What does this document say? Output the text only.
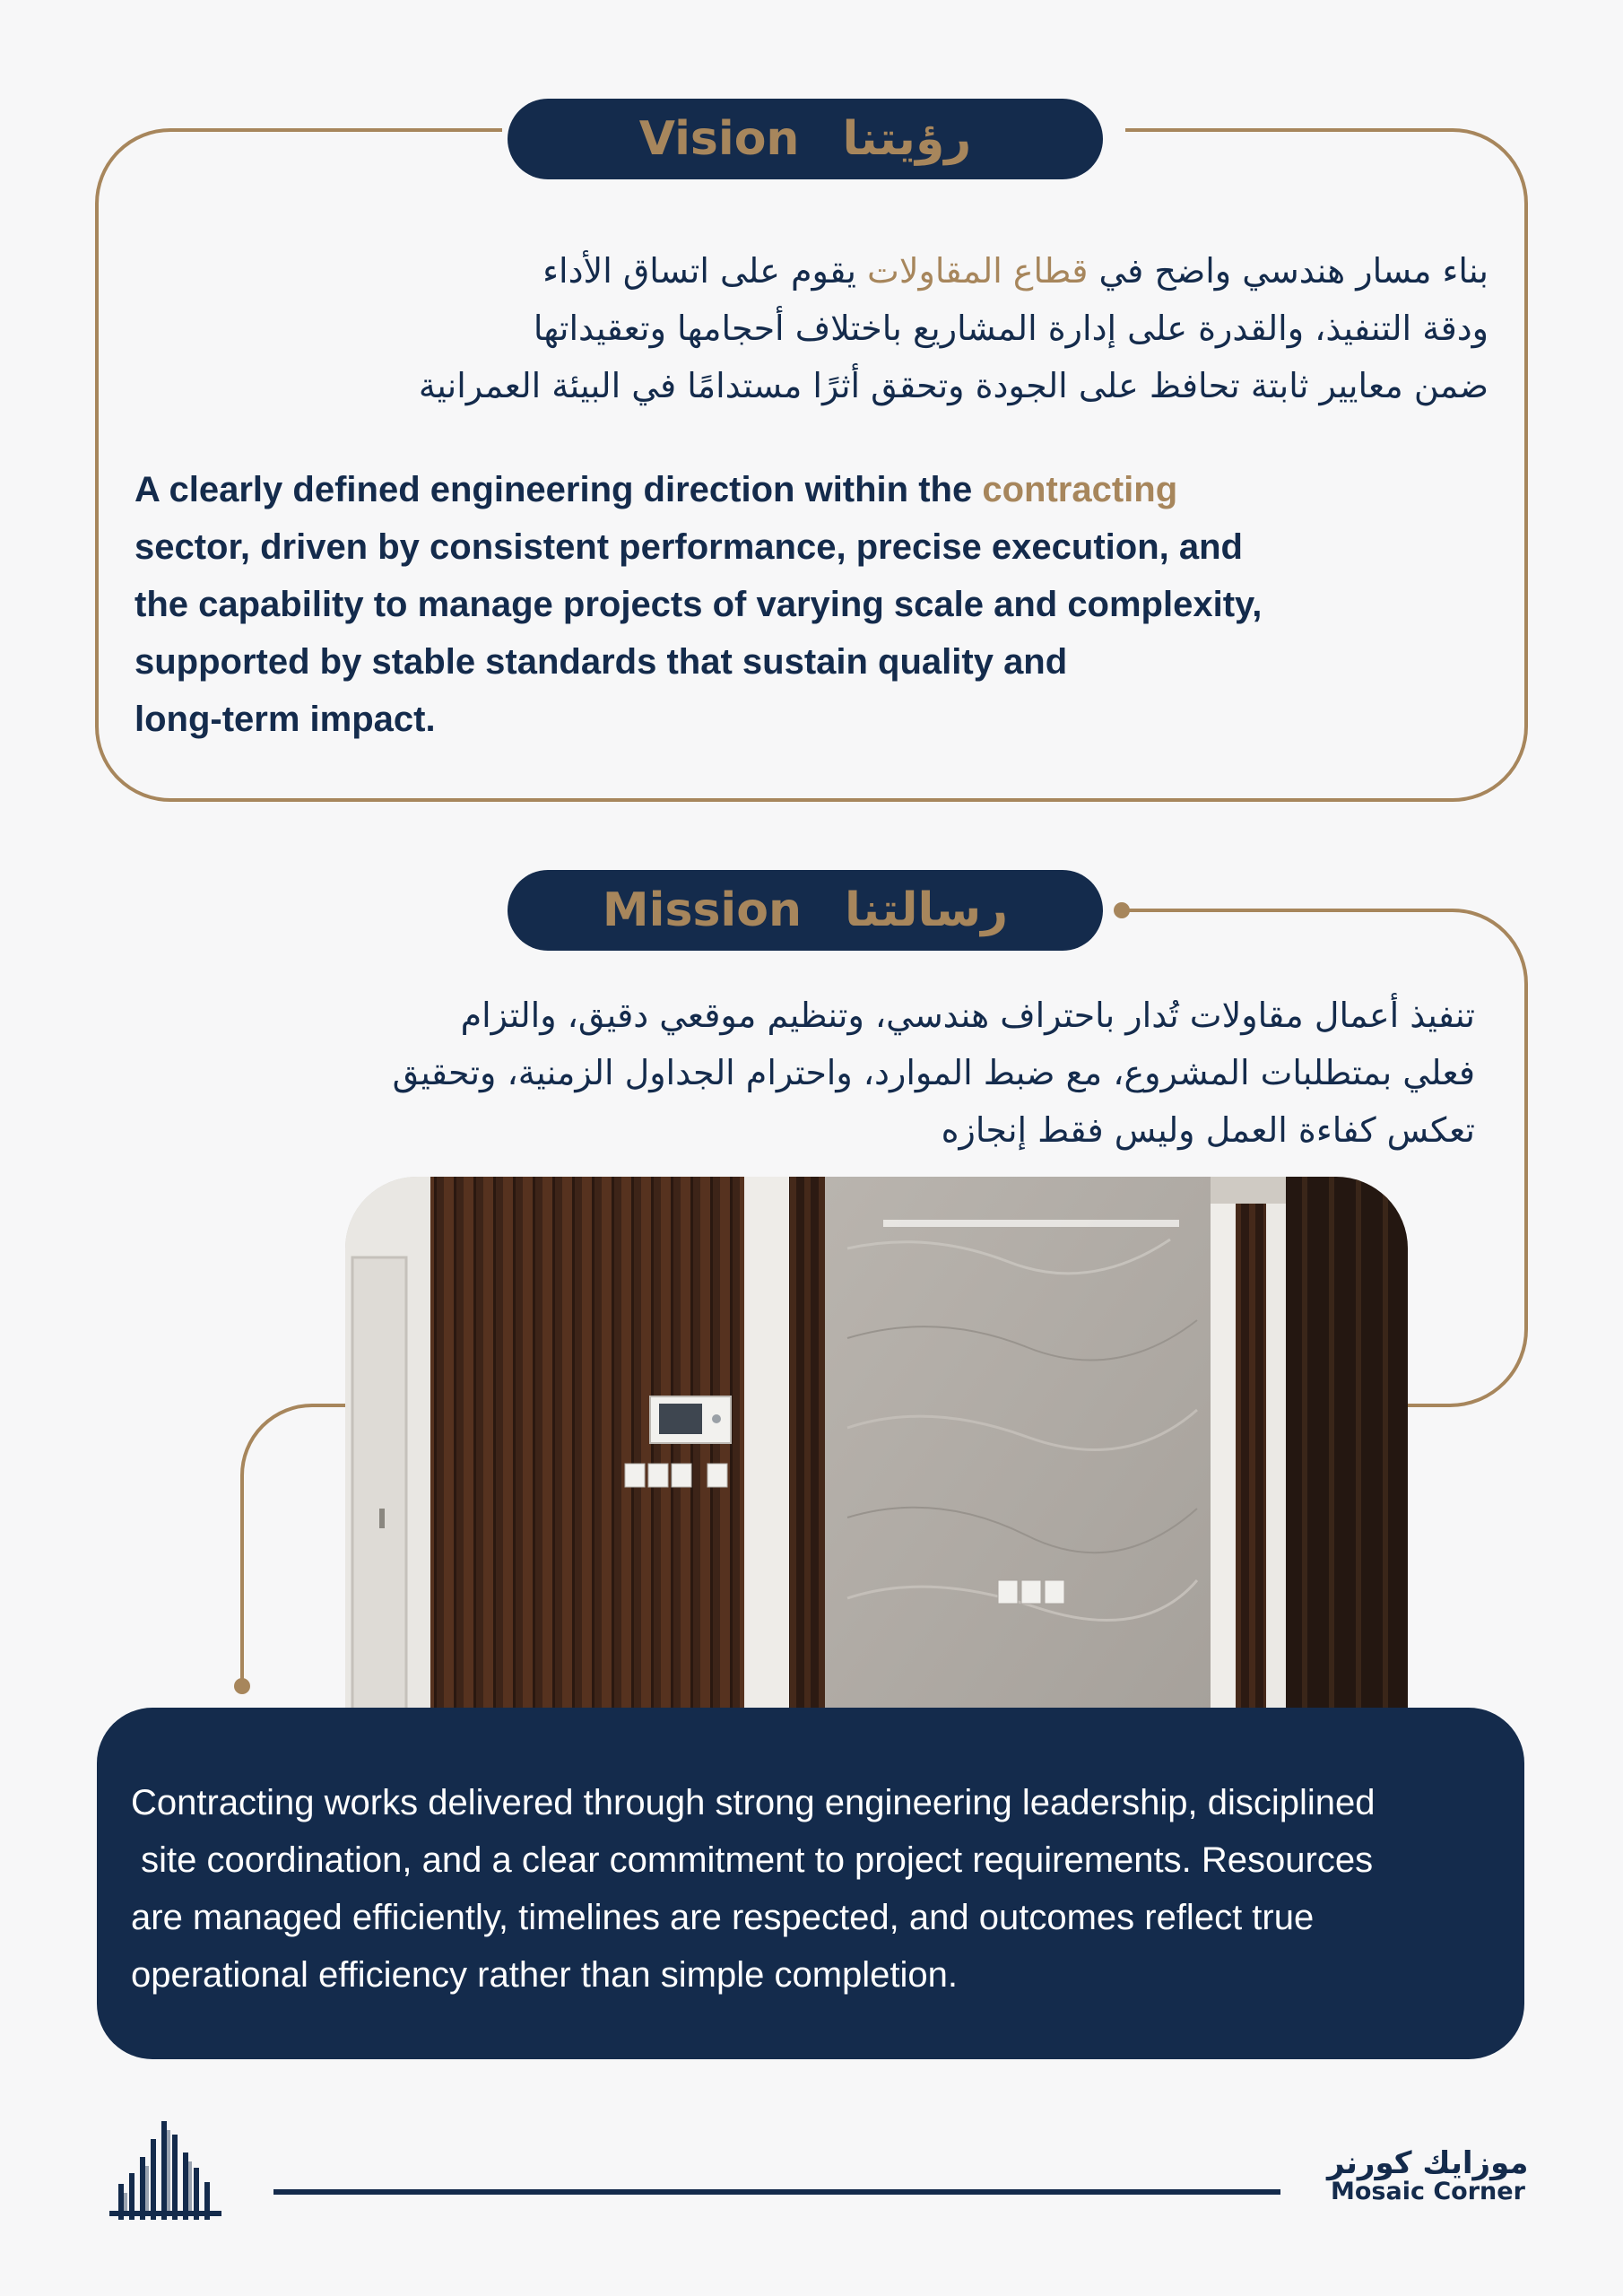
Vision رؤيتنا
بناء مسار هندسي واضح في قطاع المقاولات يقوم على اتساق الأداء
ودقة التنفيذ، والقدرة على إدارة المشاريع باختلاف أحجامها وتعقيداتها
ضمن معايير ثابتة تحافظ على الجودة وتحقق أثرًا مستدامًا في البيئة العمرانية
A clearly defined engineering direction within the contracting
sector, driven by consistent performance, precise execution, and
the capability to manage projects of varying scale and complexity,
supported by stable standards that sustain quality and
long-term impact.
Mission رسالتنا
تنفيذ أعمال مقاولات تُدار باحتراف هندسي، وتنظيم موقعي دقيق، والتزام
فعلي بمتطلبات المشروع، مع ضبط الموارد، واحترام الجداول الزمنية، وتحقيق
تعكس كفاءة العمل وليس فقط إنجازه

Contracting works delivered through strong engineering leadership, disciplined
site coordination, and a clear commitment to project requirements. Resources
are managed efficiently, timelines are respected, and outcomes reflect true
operational efficiency rather than simple completion.

موزايك كورنر
Mosaic Corner
